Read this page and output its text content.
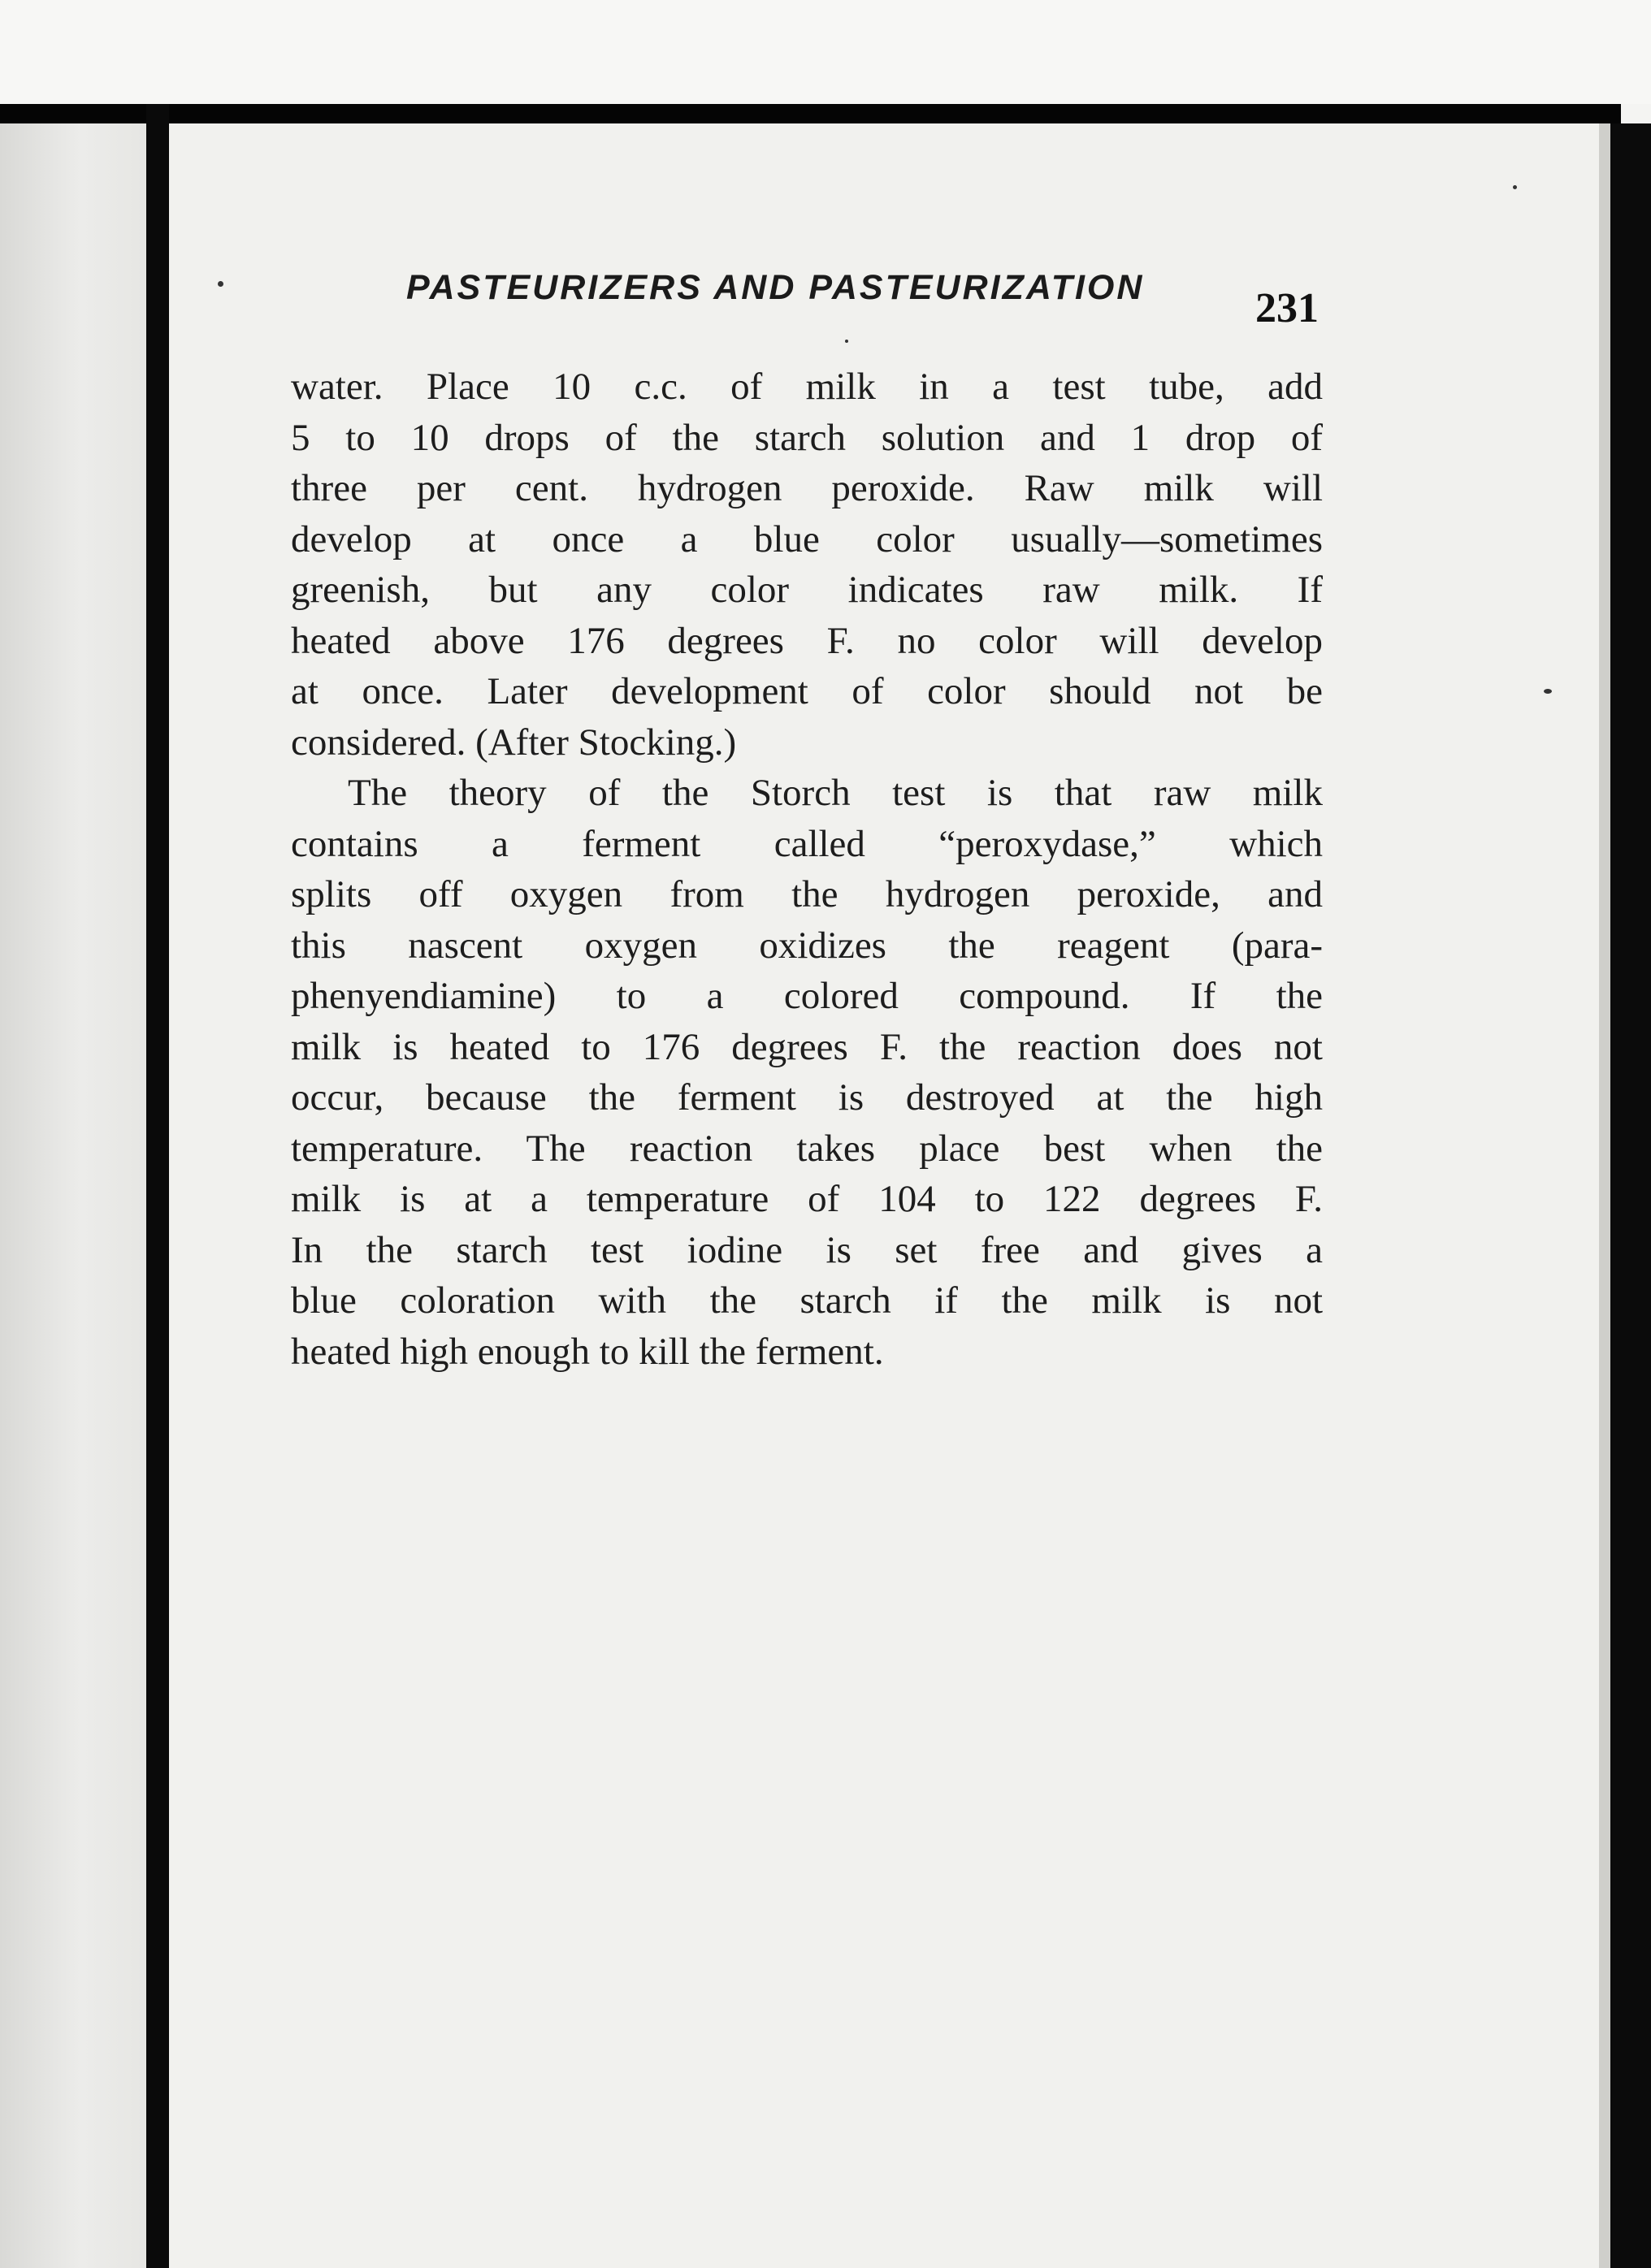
PASTEURIZERS AND PASTEURIZATION	231
water. Place 10 c.c. of milk in a test tube, add
5 to 10 drops of the starch solution and 1 drop of
three per cent. hydrogen peroxide. Raw milk will
develop at once a blue color usually—sometimes
greenish, but any color indicates raw milk. If
heated above 176 degrees F. no color will develop
at once. Later development of color should not be
considered. (After Stocking.)
The theory of the Storch test is that raw milk
contains a ferment called “peroxydase,” which
splits off oxygen from the hydrogen peroxide, and
this nascent oxygen oxidizes the reagent (para-
phenyendiamine) to a colored compound. If the
milk is heated to 176 degrees F. the reaction does not
occur, because the ferment is destroyed at the high
temperature. The reaction takes place best when the
milk is at a temperature of 104 to 122 degrees F.
In the starch test iodine is set free and gives a
blue coloration with the starch if the milk is not
heated high enough to kill the ferment.
